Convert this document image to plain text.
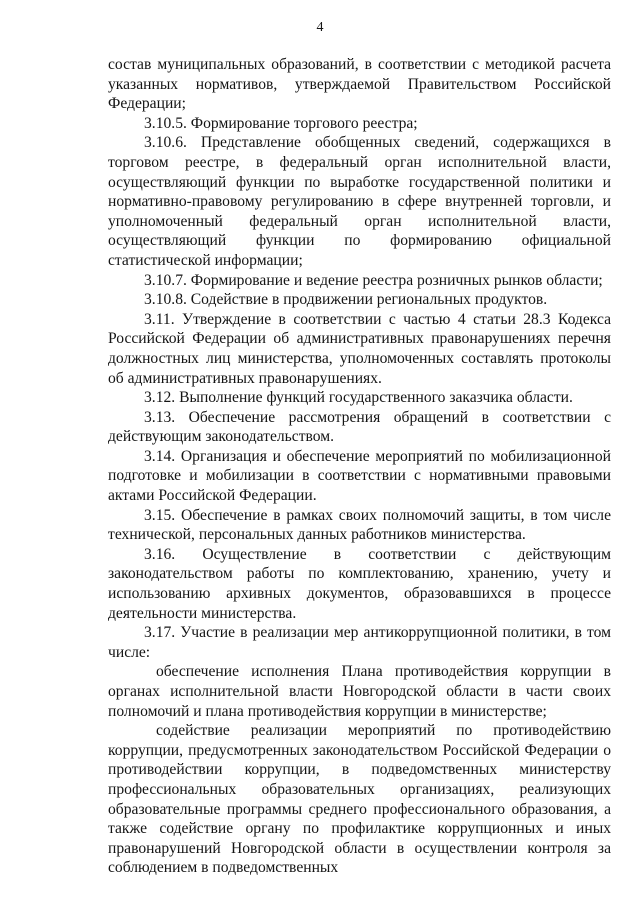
4

состав муниципальных образований, в соответствии с методикой расчета указанных нормативов, утверждаемой Правительством Российской Федерации;

3.10.5. Формирование торгового реестра;

3.10.6. Представление обобщенных сведений, содержащихся в торговом реестре, в федеральный орган исполнительной власти, осуществляющий функции по выработке государственной политики и нормативно-правовому регулированию в сфере внутренней торговли, и уполномоченный федеральный орган исполнительной власти, осуществляющий функции по формированию официальной статистической информации;

3.10.7. Формирование и ведение реестра розничных рынков области;

3.10.8. Содействие в продвижении региональных продуктов.

3.11. Утверждение в соответствии с частью 4 статьи 28.3 Кодекса Российской Федерации об административных правонарушениях перечня должностных лиц министерства, уполномоченных составлять протоколы об административных правонарушениях.

3.12. Выполнение функций государственного заказчика области.

3.13. Обеспечение рассмотрения обращений в соответствии с действующим законодательством.

3.14. Организация и обеспечение мероприятий по мобилизационной подготовке и мобилизации в соответствии с нормативными правовыми актами Российской Федерации.

3.15. Обеспечение в рамках своих полномочий защиты, в том числе технической, персональных данных работников министерства.

3.16. Осуществление в соответствии с действующим законодательством работы по комплектованию, хранению, учету и использованию архивных документов, образовавшихся в процессе деятельности министерства.

3.17. Участие в реализации мер антикоррупционной политики, в том числе:

обеспечение исполнения Плана противодействия коррупции в органах исполнительной власти Новгородской области в части своих полномочий и плана противодействия коррупции в министерстве;

содействие реализации мероприятий по противодействию коррупции, предусмотренных законодательством Российской Федерации о противодействии коррупции, в подведомственных министерству профессиональных образовательных организациях, реализующих образовательные программы среднего профессионального образования, а также содействие органу по профилактике коррупционных и иных правонарушений Новгородской области в осуществлении контроля за соблюдением в подведомственных
